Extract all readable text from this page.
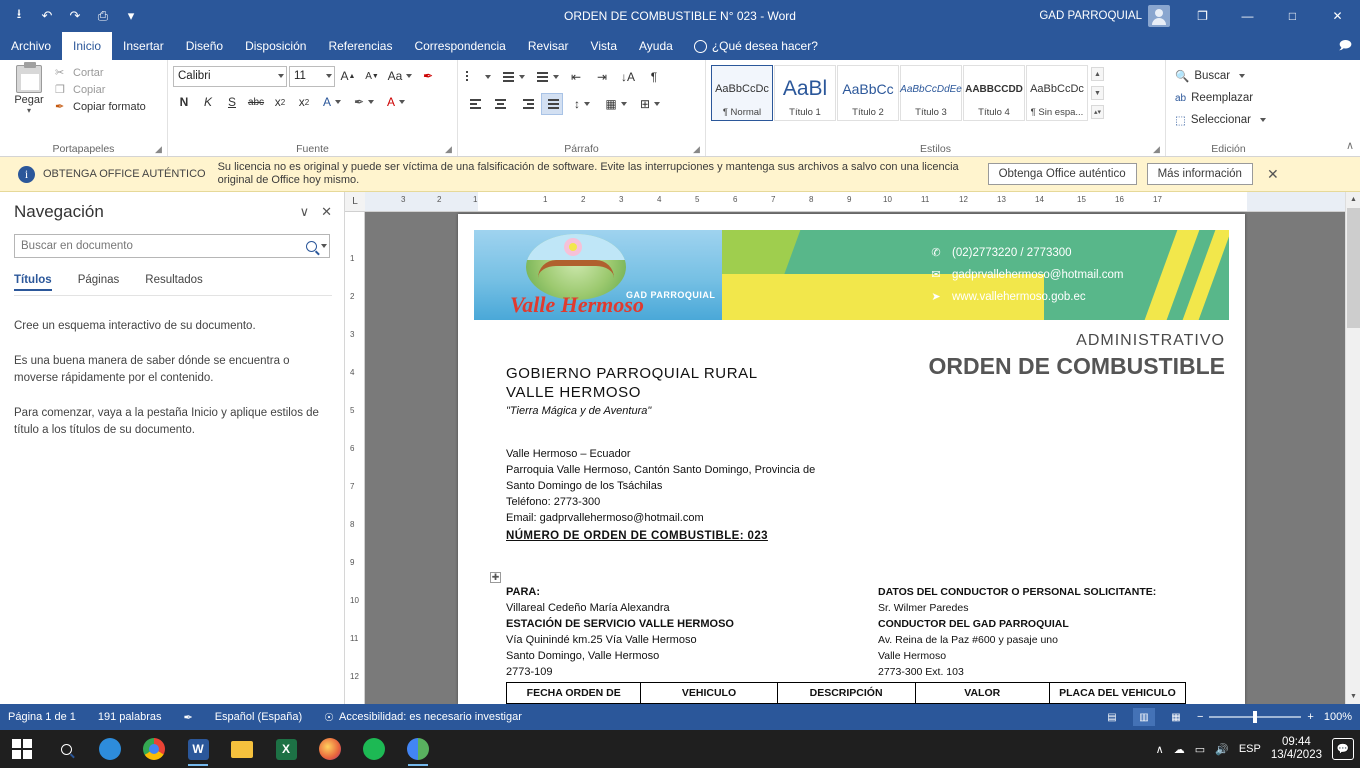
⭳	↶	↷	⎙	▾	ORDEN DE COMBUSTIBLE N° 023 - Word	GAD PARROQUIAL	❐	—	□	✕
Archivo	Inicio	Insertar	Diseño	Disposición	Referencias	Correspondencia	Revisar	Vista	Ayuda	¿Qué desea hacer?	🗩
Pegar
▾
✂ Cortar
❐ Copiar
✒ Copiar formato
Portapapeles	◢
Calibri	11	A ▲ A ▼ Aa	✒
N	K	S	abc x 2	x 2	A	✒	A
Fuente	◢
⇤	⇥	↓A	¶
↕	▦	⊞
Párrafo	◢
AaBbCcDc
¶ Normal
AaBl
Título 1
AaBbCc
Título 2
AaBbCcDdEe
Título 3
AABBCCDD
Título 4
AaBbCcDc
¶ Sin espa...
▲
▼
▴▾
Estilos	◢
🔍 Buscar
ab Reemplazar
⬚ Seleccionar
Edición	∧
i	OBTENGA OFFICE AUTÉNTICO
Su licencia no es original y puede ser víctima de una falsificación de software. Evite las interrupciones y mantenga sus archivos a salvo con una licencia original de Office hoy mismo.	Obtenga Office auténtico	Más información	✕
Navegación	∨ ✕
Buscar en documento
Títulos Páginas Resultados

Cree un esquema interactivo de su documento.

Es una buena manera de saber dónde se encuentra o moverse rápidamente por el contenido.

Para comenzar, vaya a la pestaña Inicio y aplique estilos de título a los títulos de su documento.

L	3	2	1	1	2	3	4	5	6	7	8	9	10	11	12	13	14	15	16	17
1
2
3
4
5
6
7
8
9
10
11
12
Valle Hermoso
GAD PARROQUIAL
✆ (02)2773220 / 2773300
✉ gadprvallehermoso@hotmail.com
➤ www.vallehermoso.gob.ec
ADMINISTRATIVO
ORDEN DE COMBUSTIBLE
GOBIERNO PARROQUIAL RURAL
VALLE HERMOSO
"Tierra Mágica y de Aventura"
Valle Hermoso – Ecuador
Parroquia Valle Hermoso, Cantón Santo Domingo, Provincia de
Santo Domingo de los Tsáchilas
Teléfono: 2773-300
Email: gadprvallehermoso@hotmail.com
NÚMERO DE ORDEN DE COMBUSTIBLE: 023
✚
PARA:
Villareal Cedeño María Alexandra
ESTACIÓN DE SERVICIO VALLE HERMOSO
Vía Quinindé km.25 Vía Valle Hermoso
Santo Domingo, Valle Hermoso
2773-109
DATOS DEL CONDUCTOR O PERSONAL SOLICITANTE:
Sr. Wilmer Paredes
CONDUCTOR DEL GAD PARROQUIAL
Av. Reina de la Paz #600 y pasaje uno
Valle Hermoso
2773-300 Ext. 103
FECHA ORDEN DE	VEHICULO	DESCRIPCIÓN	VALOR	PLACA DEL VEHICULO
▲
▼
Página 1 de 1 191 palabras ✒ Español (España) ☉ Accesibilidad: es necesario investigar	▤	▥	▦	−	+ 100%
W	X	∧ ☁ ▭ 🔊 ESP
09:44
13/4/2023	💬
